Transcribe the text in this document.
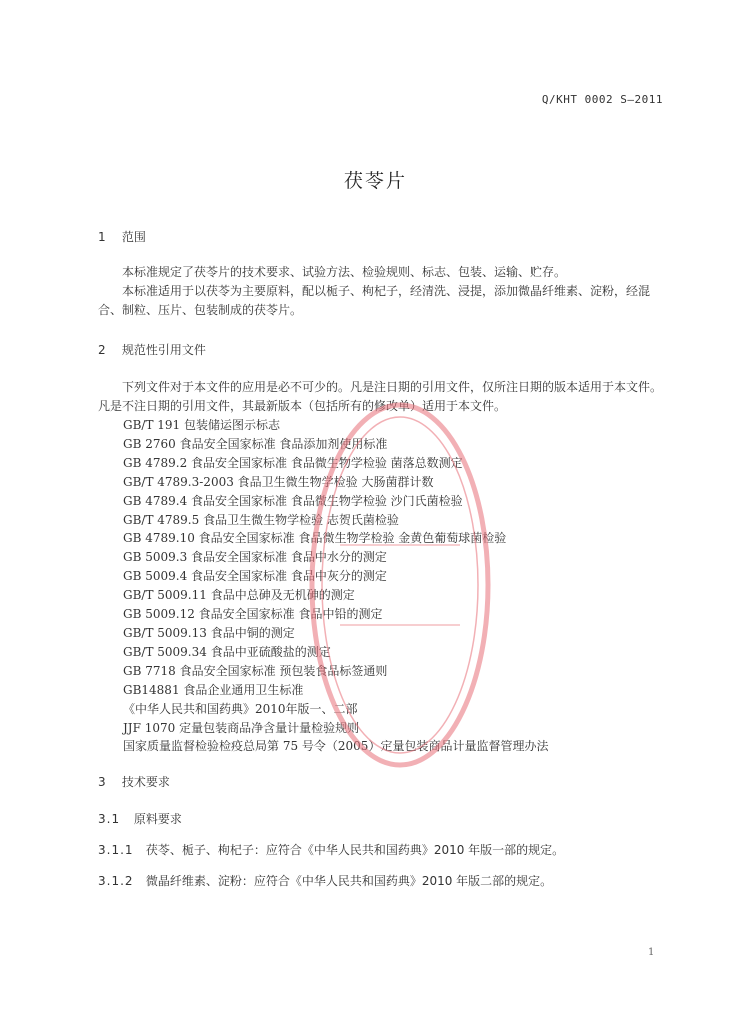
Q/KHT 0002 S—2011
茯苓片
1 范围
本标准规定了茯苓片的技术要求、试验方法、检验规则、标志、包装、运输、贮存。
本标准适用于以茯苓为主要原料，配以栀子、枸杞子，经清洗、浸提，添加微晶纤维素、淀粉，经混合、制粒、压片、包装制成的茯苓片。
2 规范性引用文件
下列文件对于本文件的应用是必不可少的。凡是注日期的引用文件，仅所注日期的版本适用于本文件。凡是不注日期的引用文件，其最新版本（包括所有的修改单）适用于本文件。
GB/T 191 包装储运图示标志
GB 2760 食品安全国家标准 食品添加剂使用标准
GB 4789.2 食品安全国家标准 食品微生物学检验 菌落总数测定
GB/T 4789.3-2003 食品卫生微生物学检验 大肠菌群计数
GB 4789.4 食品安全国家标准 食品微生物学检验 沙门氏菌检验
GB/T 4789.5 食品卫生微生物学检验 志贺氏菌检验
GB 4789.10 食品安全国家标准 食品微生物学检验 金黄色葡萄球菌检验
GB 5009.3 食品安全国家标准 食品中水分的测定
GB 5009.4 食品安全国家标准 食品中灰分的测定
GB/T 5009.11 食品中总砷及无机砷的测定
GB 5009.12 食品安全国家标准 食品中铅的测定
GB/T 5009.13 食品中铜的测定
GB/T 5009.34 食品中亚硫酸盐的测定
GB 7718 食品安全国家标准 预包装食品标签通则
GB14881 食品企业通用卫生标准
《中华人民共和国药典》2010年版一、二部
JJF 1070 定量包装商品净含量计量检验规则
国家质量监督检验检疫总局第 75 号令（2005）定量包装商品计量监督管理办法
3 技术要求
3.1 原料要求
3.1.1 茯苓、栀子、枸杞子：应符合《中华人民共和国药典》2010 年版一部的规定。
3.1.2 微晶纤维素、淀粉：应符合《中华人民共和国药典》2010 年版二部的规定。
1
